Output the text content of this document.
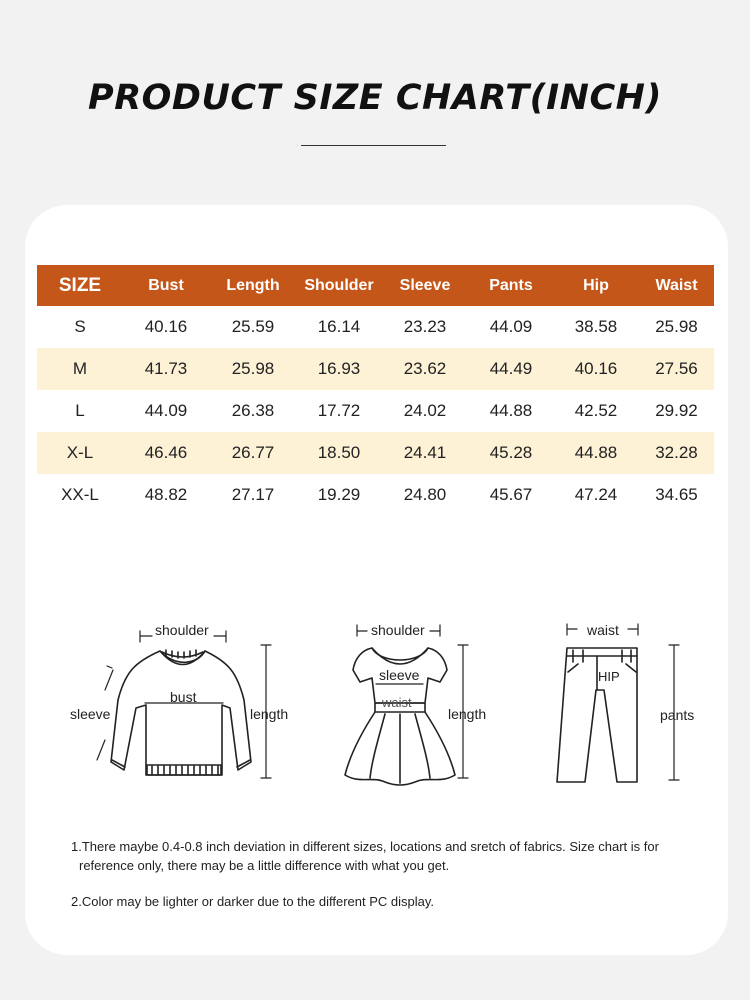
PRODUCT SIZE CHART(INCH)
SIZE	Bust	Length	Shoulder	Sleeve	Pants	Hip	Waist
S	40.16	25.59	16.14	23.23	44.09	38.58	25.98
M	41.73	25.98	16.93	23.62	44.49	40.16	27.56
L	44.09	26.38	17.72	24.02	44.88	42.52	29.92
X-L	46.46	26.77	18.50	24.41	45.28	44.88	32.28
XX-L	48.82	27.17	19.29	24.80	45.67	47.24	34.65
shoulder
bust
sleeve	length
shoulder
sleeve
waist
length
waist
HIP
pants
1.There maybe 0.4-0.8 inch deviation in different sizes, locations and sretch of fabrics. Size chart is for reference only, there may be a little difference with what you get.
2.Color may be lighter or darker due to the different PC display.
